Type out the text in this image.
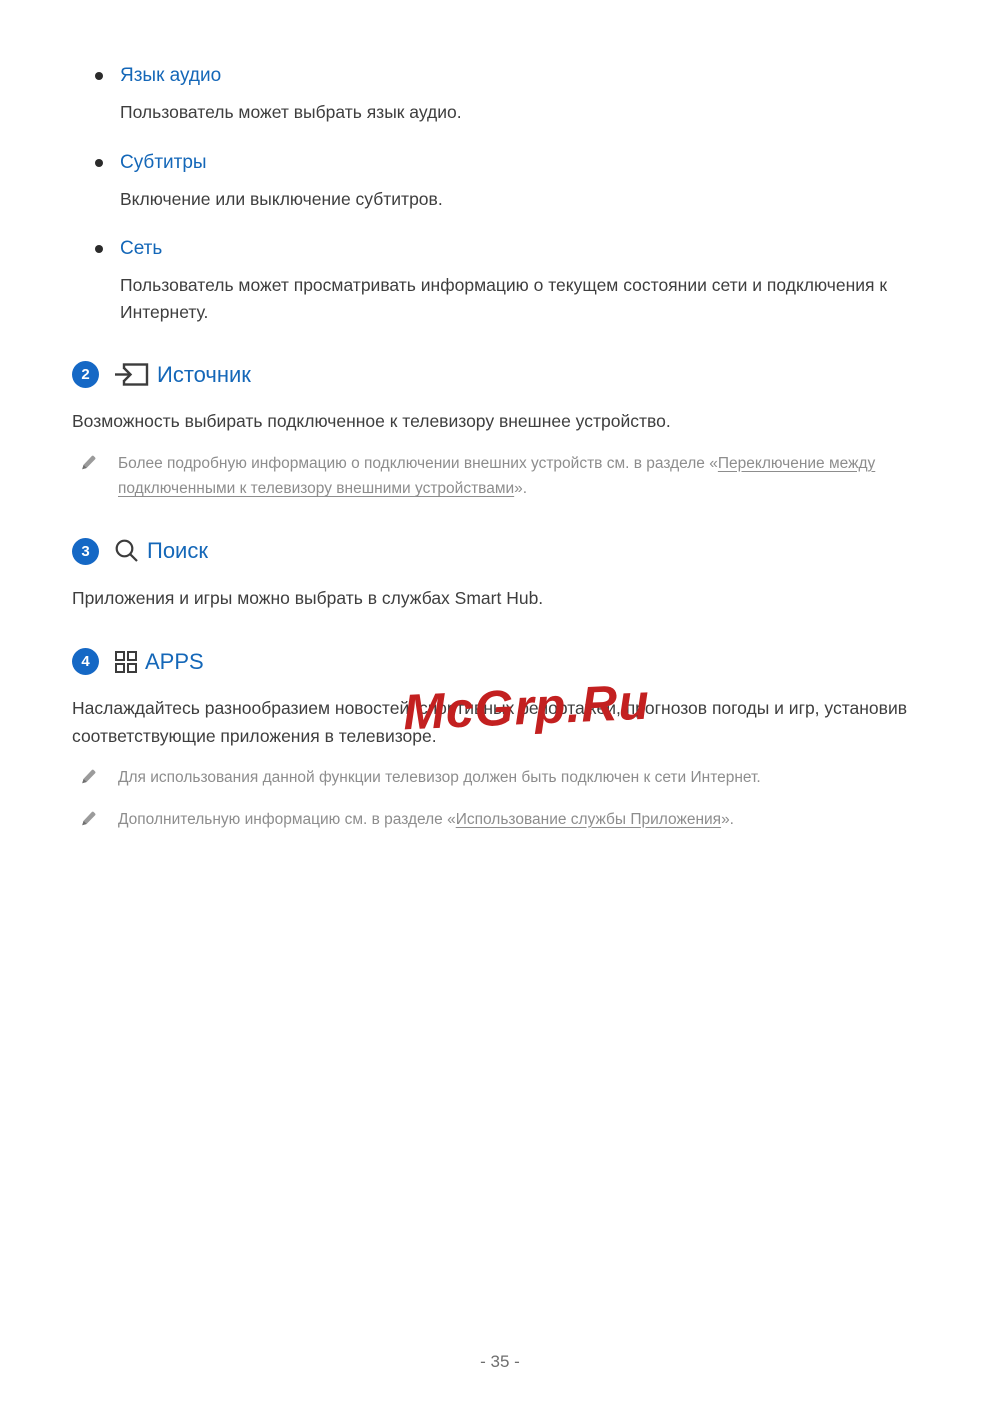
Язык аудио
Пользователь может выбрать язык аудио.
Субтитры
Включение или выключение субтитров.
Сеть
Пользователь может просматривать информацию о текущем состоянии сети и подключения к Интернету.
2	Источник

Возможность выбирать подключенное к телевизору внешнее устройство.

Более подробную информацию о подключении внешних устройств см. в разделе «Переключение между подключенными к телевизору внешними устройствами».

3	Поиск

Приложения и игры можно выбрать в службах Smart Hub.

4	APPS

Наслаждайтесь разнообразием новостей, спортивных репортажей, прогнозов погоды и игр, установив соответствующие приложения в телевизоре.

Для использования данной функции телевизор должен быть подключен к сети Интернет.

Дополнительную информацию см. в разделе «Использование службы Приложения».

McGrp.Ru
- 35 -
